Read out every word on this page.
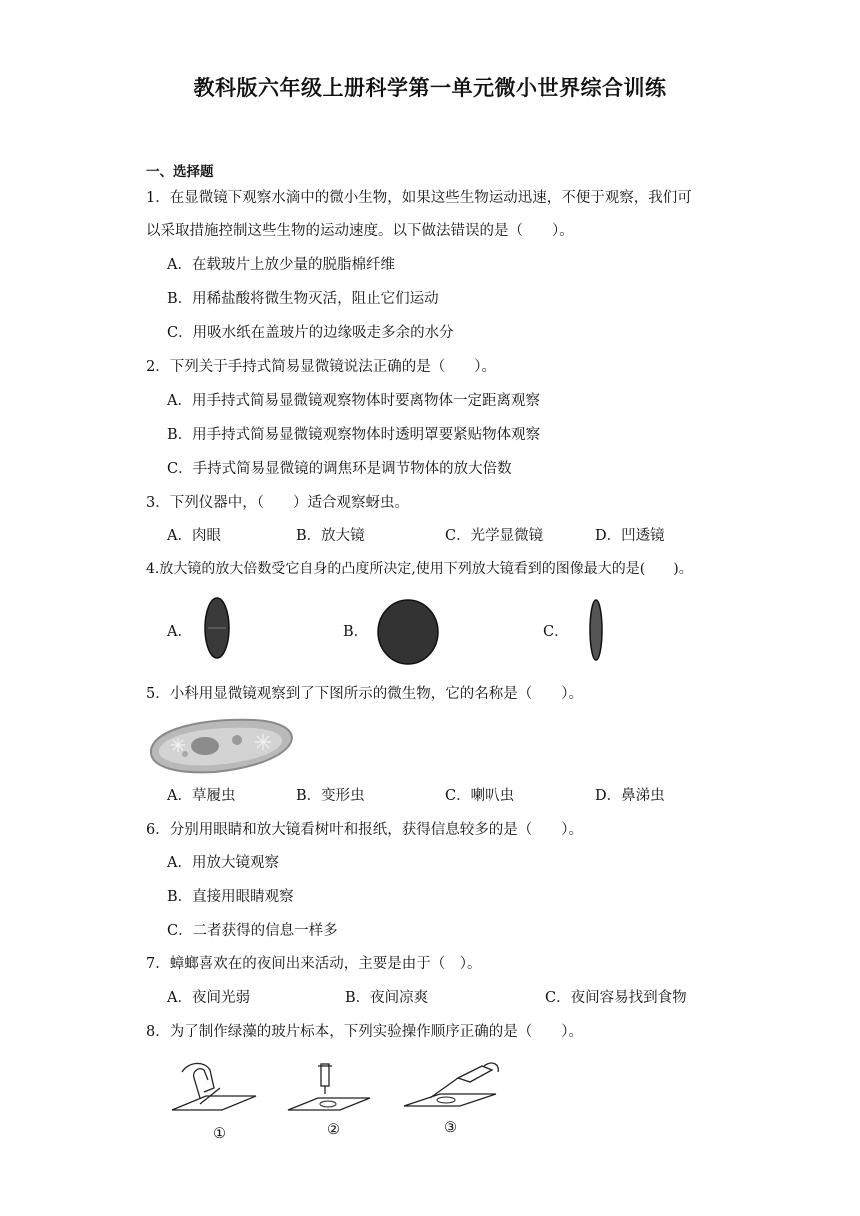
教科版六年级上册科学第一单元微小世界综合训练
一、选择题
1．在显微镜下观察水滴中的微小生物，如果这些生物运动迅速，不便于观察，我们可
以采取措施控制这些生物的运动速度。以下做法错误的是（　　）。
A．在载玻片上放少量的脱脂棉纤维
B．用稀盐酸将微生物灭活，阻止它们运动
C．用吸水纸在盖玻片的边缘吸走多余的水分
2．下列关于手持式简易显微镜说法正确的是（　　）。
A．用手持式简易显微镜观察物体时要离物体一定距离观察
B．用手持式简易显微镜观察物体时透明罩要紧贴物体观察
C．手持式简易显微镜的调焦环是调节物体的放大倍数
3．下列仪器中，（　　）适合观察蚜虫。
A．肉眼	B．放大镜	C．光学显微镜	D．凹透镜
4.放大镜的放大倍数受它自身的凸度所决定,使用下列放大镜看到的图像最大的是(　　)。
A．	B．	C．
5．小科用显微镜观察到了下图所示的微生物，它的名称是（　　）。
A．草履虫	B．变形虫	C．喇叭虫	D．鼻涕虫
6．分别用眼睛和放大镜看树叶和报纸，获得信息较多的是（　　）。
A．用放大镜观察
B．直接用眼睛观察
C．二者获得的信息一样多
7．蟑螂喜欢在的夜间出来活动，主要是由于（　）。
A．夜间光弱	B．夜间凉爽	C．夜间容易找到食物
8．为了制作绿藻的玻片标本，下列实验操作顺序正确的是（　　）。
①	②	③
